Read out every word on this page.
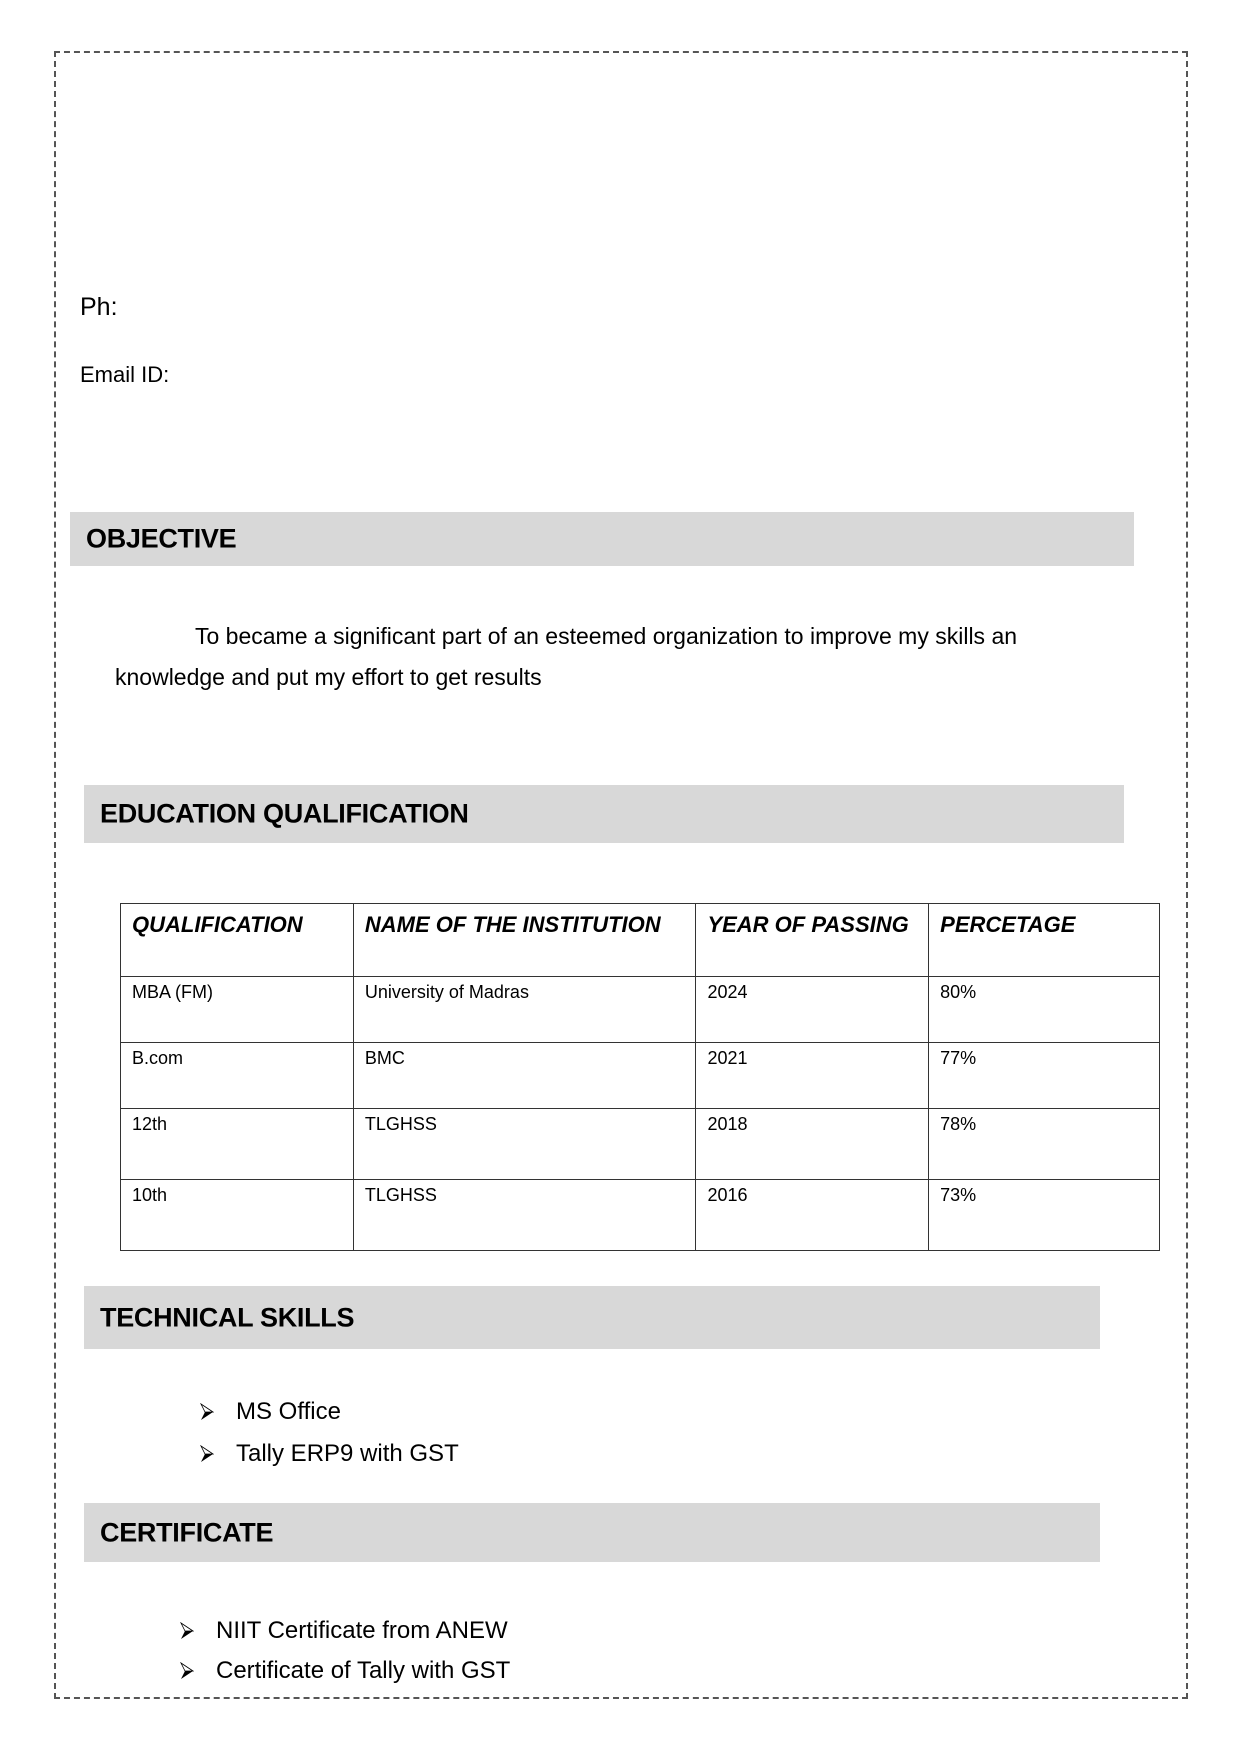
Ph:
Email ID:
OBJECTIVE
To became a significant part of an esteemed organization to improve my skills an knowledge and put my effort to get results
EDUCATION QUALIFICATION
QUALIFICATION	NAME OF THE INSTITUTION	YEAR OF PASSING	PERCETAGE
MBA (FM)	University of Madras	2024	80%
B.com	BMC	2021	77%
12th	TLGHSS	2018	78%
10th	TLGHSS	2016	73%
TECHNICAL SKILLS
MS Office
Tally ERP9 with GST
CERTIFICATE
NIIT Certificate from ANEW
Certificate of Tally with GST
